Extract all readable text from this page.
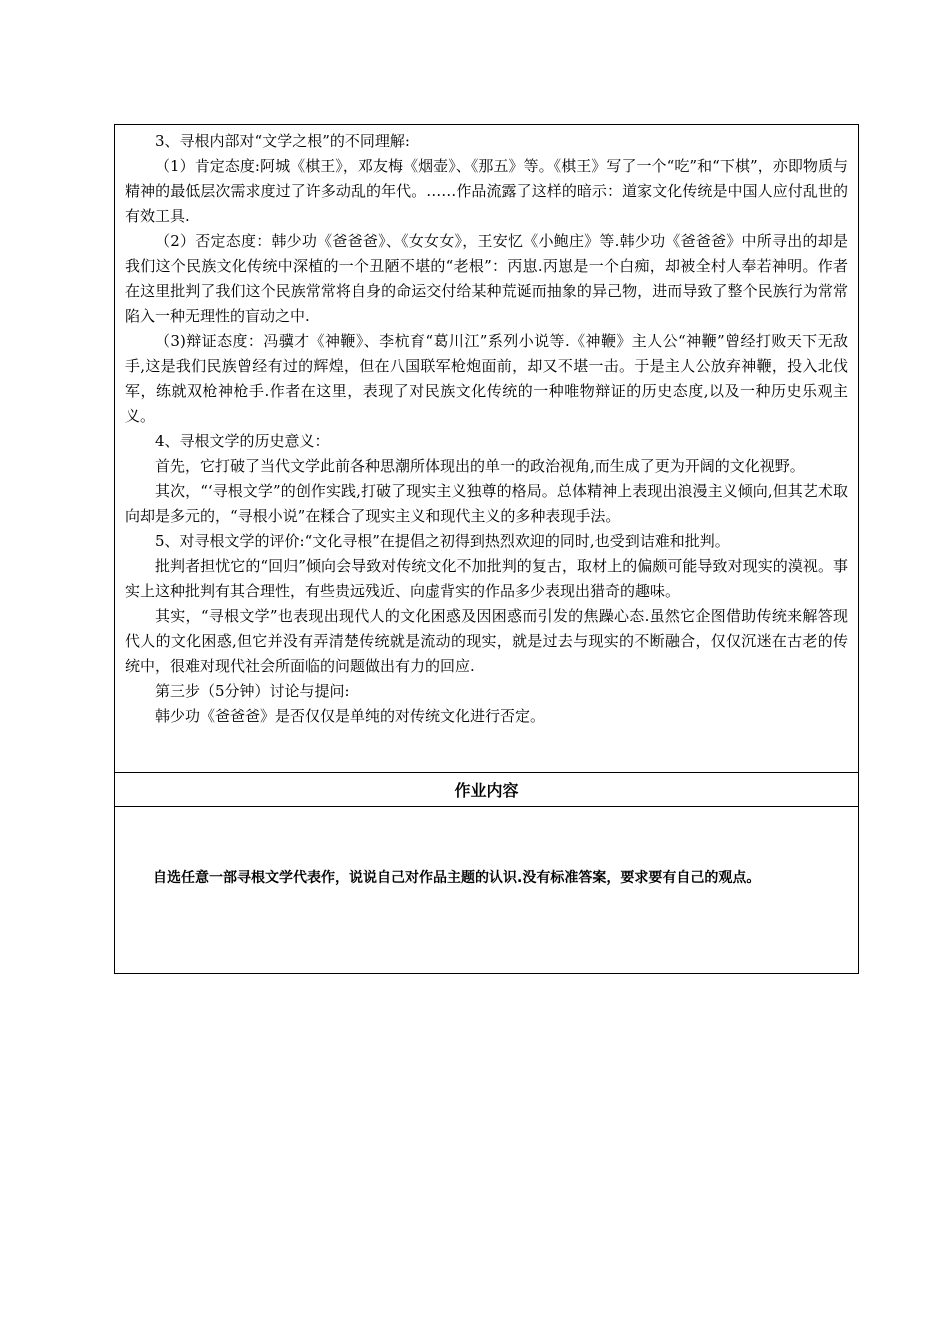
3、寻根内部对“文学之根”的不同理解:

（1）肯定态度:阿城《棋王》，邓友梅《烟壶》、《那五》等。《棋王》写了一个“吃”和“下棋”，亦即物质与精神的最低层次需求度过了许多动乱的年代。……作品流露了这样的暗示：道家文化传统是中国人应付乱世的有效工具.

（2）否定态度：韩少功《爸爸爸》、《女女女》，王安忆《小鲍庄》等.韩少功《爸爸爸》中所寻出的却是我们这个民族文化传统中深植的一个丑陋不堪的“老根”：丙崽.丙崽是一个白痴，却被全村人奉若神明。作者在这里批判了我们这个民族常常将自身的命运交付给某种荒诞而抽象的异己物，进而导致了整个民族行为常常陷入一种无理性的盲动之中.

（3)辩证态度：冯骥才《神鞭》、李杭育“葛川江”系列小说等.《神鞭》主人公“神鞭”曾经打败天下无敌手,这是我们民族曾经有过的辉煌，但在八国联军枪炮面前，却又不堪一击。于是主人公放弃神鞭，投入北伐军，练就双枪神枪手.作者在这里，表现了对民族文化传统的一种唯物辩证的历史态度,以及一种历史乐观主义。

4、寻根文学的历史意义：

首先，它打破了当代文学此前各种思潮所体现出的单一的政治视角,而生成了更为开阔的文化视野。

其次，“‘寻根文学”的创作实践,打破了现实主义独尊的格局。总体精神上表现出浪漫主义倾向,但其艺术取向却是多元的，“寻根小说”在糅合了现实主义和现代主义的多种表现手法。

5、对寻根文学的评价:“文化寻根”在提倡之初得到热烈欢迎的同时,也受到诘难和批判。

批判者担忧它的“回归”倾向会导致对传统文化不加批判的复古，取材上的偏颇可能导致对现实的漠视。事实上这种批判有其合理性，有些贵远残近、向虚背实的作品多少表现出猎奇的趣味。

其实，“寻根文学”也表现出现代人的文化困惑及因困惑而引发的焦躁心态.虽然它企图借助传统来解答现代人的文化困惑,但它并没有弄清楚传统就是流动的现实，就是过去与现实的不断融合，仅仅沉迷在古老的传统中，很难对现代社会所面临的问题做出有力的回应.

第三步（5分钟）讨论与提问:

韩少功《爸爸爸》是否仅仅是单纯的对传统文化进行否定。

作业内容

自选任意一部寻根文学代表作，说说自己对作品主题的认识.没有标准答案，要求要有自己的观点。
